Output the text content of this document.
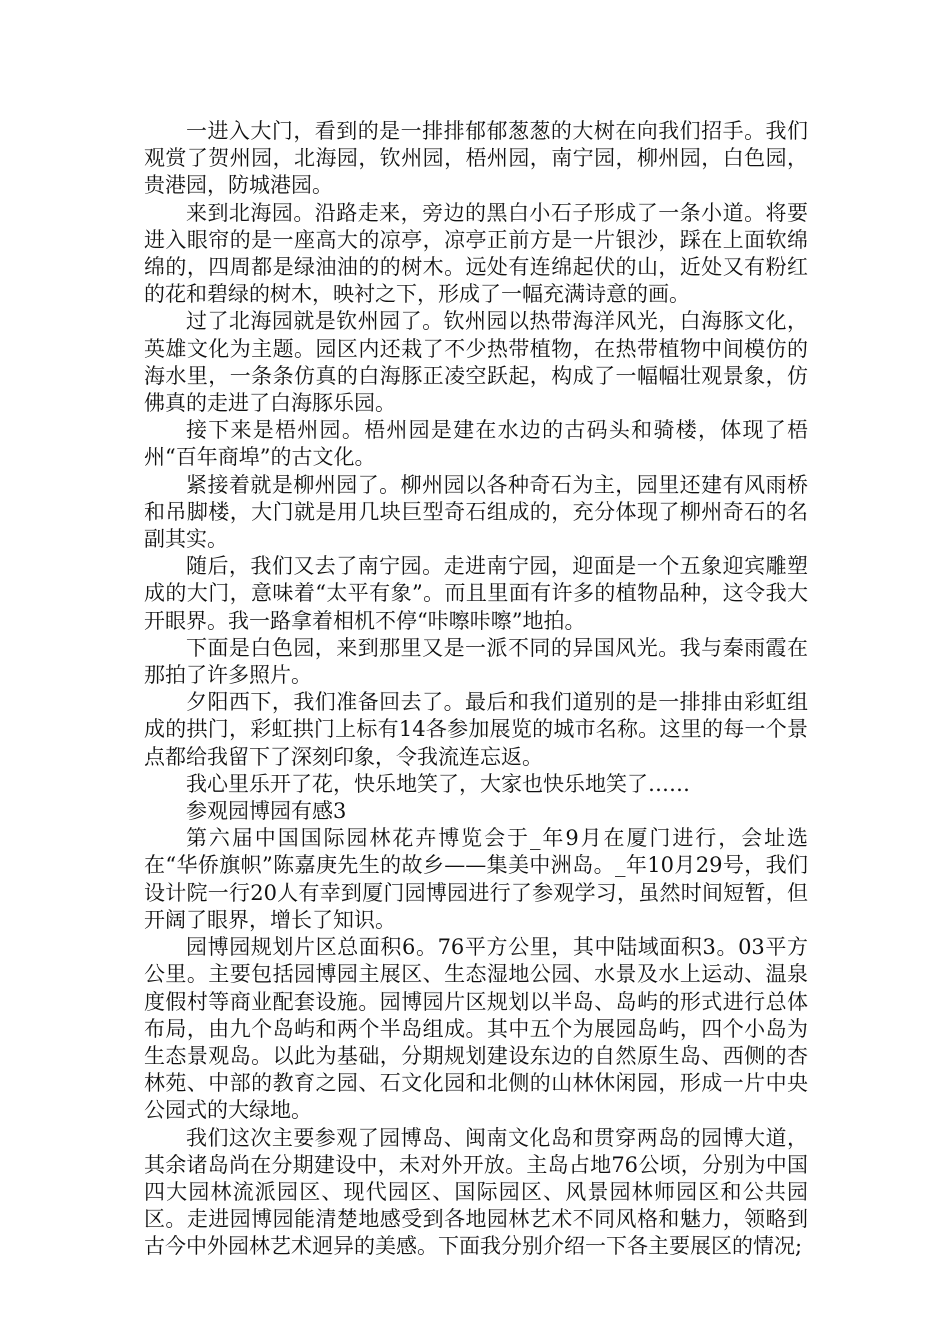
一进入大门，看到的是一排排郁郁葱葱的大树在向我们招手。我们观赏了贺州园，北海园，钦州园，梧州园，南宁园，柳州园，白色园，贵港园，防城港园。

来到北海园。沿路走来，旁边的黑白小石子形成了一条小道。将要进入眼帘的是一座高大的凉亭，凉亭正前方是一片银沙，踩在上面软绵绵的，四周都是绿油油的的树木。远处有连绵起伏的山，近处又有粉红的花和碧绿的树木，映衬之下，形成了一幅充满诗意的画。

过了北海园就是钦州园了。钦州园以热带海洋风光，白海豚文化，英雄文化为主题。园区内还栽了不少热带植物，在热带植物中间模仿的海水里，一条条仿真的白海豚正凌空跃起，构成了一幅幅壮观景象，仿佛真的走进了白海豚乐园。

接下来是梧州园。梧州园是建在水边的古码头和骑楼，体现了梧州“百年商埠”的古文化。

紧接着就是柳州园了。柳州园以各种奇石为主，园里还建有风雨桥和吊脚楼，大门就是用几块巨型奇石组成的，充分体现了柳州奇石的名副其实。

随后，我们又去了南宁园。走进南宁园，迎面是一个五象迎宾雕塑成的大门，意味着“太平有象”。而且里面有许多的植物品种，这令我大开眼界。我一路拿着相机不停“咔嚓咔嚓”地拍。

下面是白色园，来到那里又是一派不同的异国风光。我与秦雨霞在那拍了许多照片。

夕阳西下，我们准备回去了。最后和我们道别的是一排排由彩虹组成的拱门，彩虹拱门上标有14各参加展览的城市名称。这里的每一个景点都给我留下了深刻印象，令我流连忘返。

我心里乐开了花，快乐地笑了，大家也快乐地笑了……

参观园博园有感3

第六届中国国际园林花卉博览会于_年9月在厦门进行，会址选在“华侨旗帜”陈嘉庚先生的故乡——集美中洲岛。_年10月29号，我们设计院一行20人有幸到厦门园博园进行了参观学习，虽然时间短暂，但开阔了眼界，增长了知识。

园博园规划片区总面积6。76平方公里，其中陆域面积3。03平方公里。主要包括园博园主展区、生态湿地公园、水景及水上运动、温泉度假村等商业配套设施。园博园片区规划以半岛、岛屿的形式进行总体布局，由九个岛屿和两个半岛组成。其中五个为展园岛屿，四个小岛为生态景观岛。以此为基础，分期规划建设东边的自然原生岛、西侧的杏林苑、中部的教育之园、石文化园和北侧的山林休闲园，形成一片中央公园式的大绿地。

我们这次主要参观了园博岛、闽南文化岛和贯穿两岛的园博大道，其余诸岛尚在分期建设中，未对外开放。主岛占地76公顷，分别为中国四大园林流派园区、现代园区、国际园区、风景园林师园区和公共园区。走进园博园能清楚地感受到各地园林艺术不同风格和魅力，领略到古今中外园林艺术迥异的美感。下面我分别介绍一下各主要展区的情况;
